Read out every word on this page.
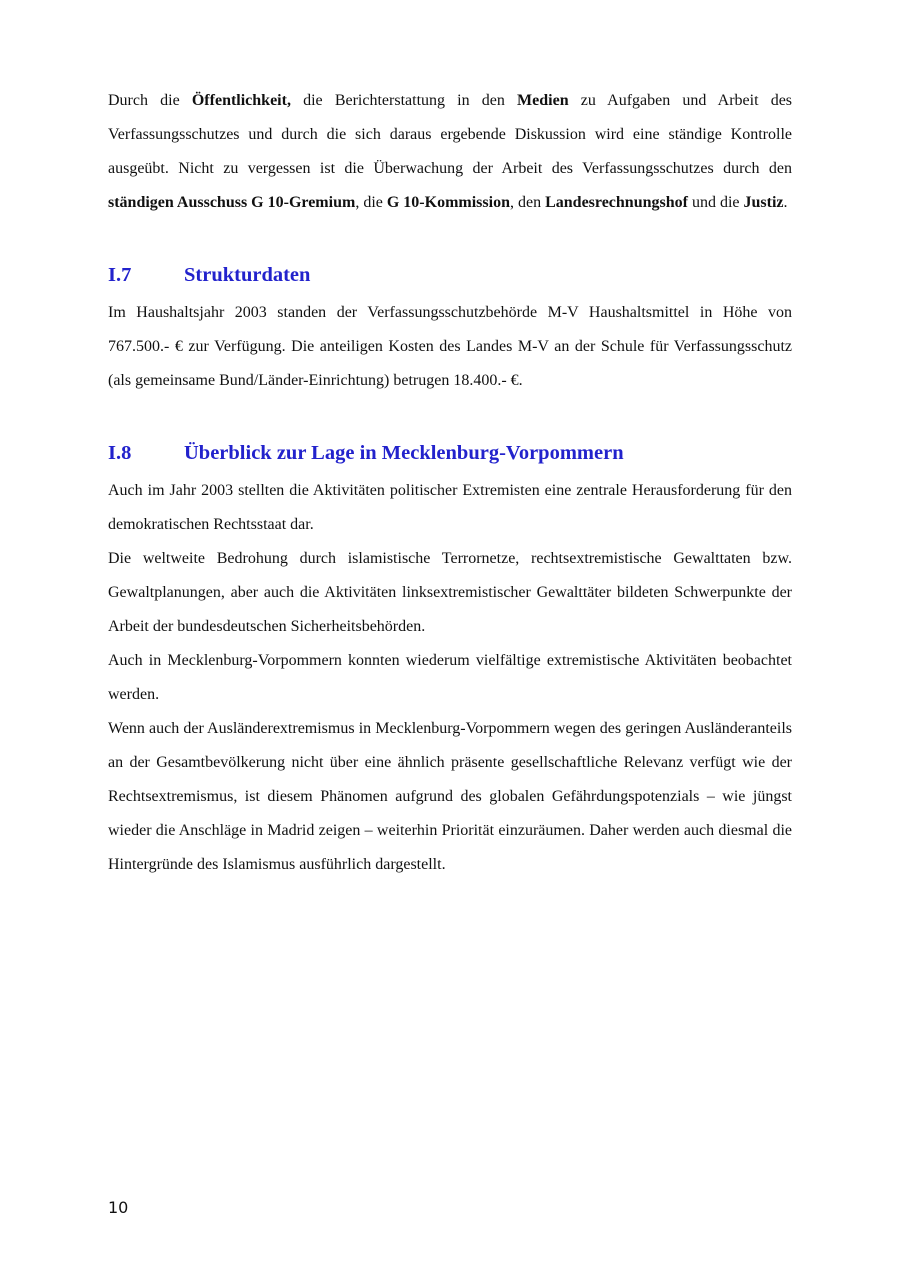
Durch die Öffentlichkeit, die Berichterstattung in den Medien zu Aufgaben und Arbeit des Verfassungsschutzes und durch die sich daraus ergebende Diskussion wird eine ständige Kontrolle ausgeübt. Nicht zu vergessen ist die Überwachung der Arbeit des Verfassungsschutzes durch den ständigen Ausschuss G 10-Gremium, die G 10-Kommission, den Landesrechnungshof und die Justiz.

I.7	Strukturdaten

Im Haushaltsjahr 2003 standen der Verfassungsschutzbehörde M-V Haushaltsmittel in Höhe von 767.500.- € zur Verfügung. Die anteiligen Kosten des Landes M-V an der Schule für Verfassungsschutz (als gemeinsame Bund/Länder-Einrichtung) betrugen 18.400.- €.

I.8	Überblick zur Lage in Mecklenburg-Vorpommern

Auch im Jahr 2003 stellten die Aktivitäten politischer Extremisten eine zentrale Herausforderung für den demokratischen Rechtsstaat dar.

Die weltweite Bedrohung durch islamistische Terrornetze, rechtsextremistische Gewalttaten bzw. Gewaltplanungen, aber auch die Aktivitäten linksextremistischer Gewalttäter bildeten Schwerpunkte der Arbeit der bundesdeutschen Sicherheitsbehörden.

Auch in Mecklenburg-Vorpommern konnten wiederum vielfältige extremistische Aktivitäten beobachtet werden.

Wenn auch der Ausländerextremismus in Mecklenburg-Vorpommern wegen des geringen Ausländeranteils an der Gesamtbevölkerung nicht über eine ähnlich präsente gesellschaftliche Relevanz verfügt wie der Rechtsextremismus, ist diesem Phänomen aufgrund des globalen Gefährdungspotenzials – wie jüngst wieder die Anschläge in Madrid zeigen – weiterhin Priorität einzuräumen. Daher werden auch diesmal die Hintergründe des Islamismus ausführlich dargestellt.

10
